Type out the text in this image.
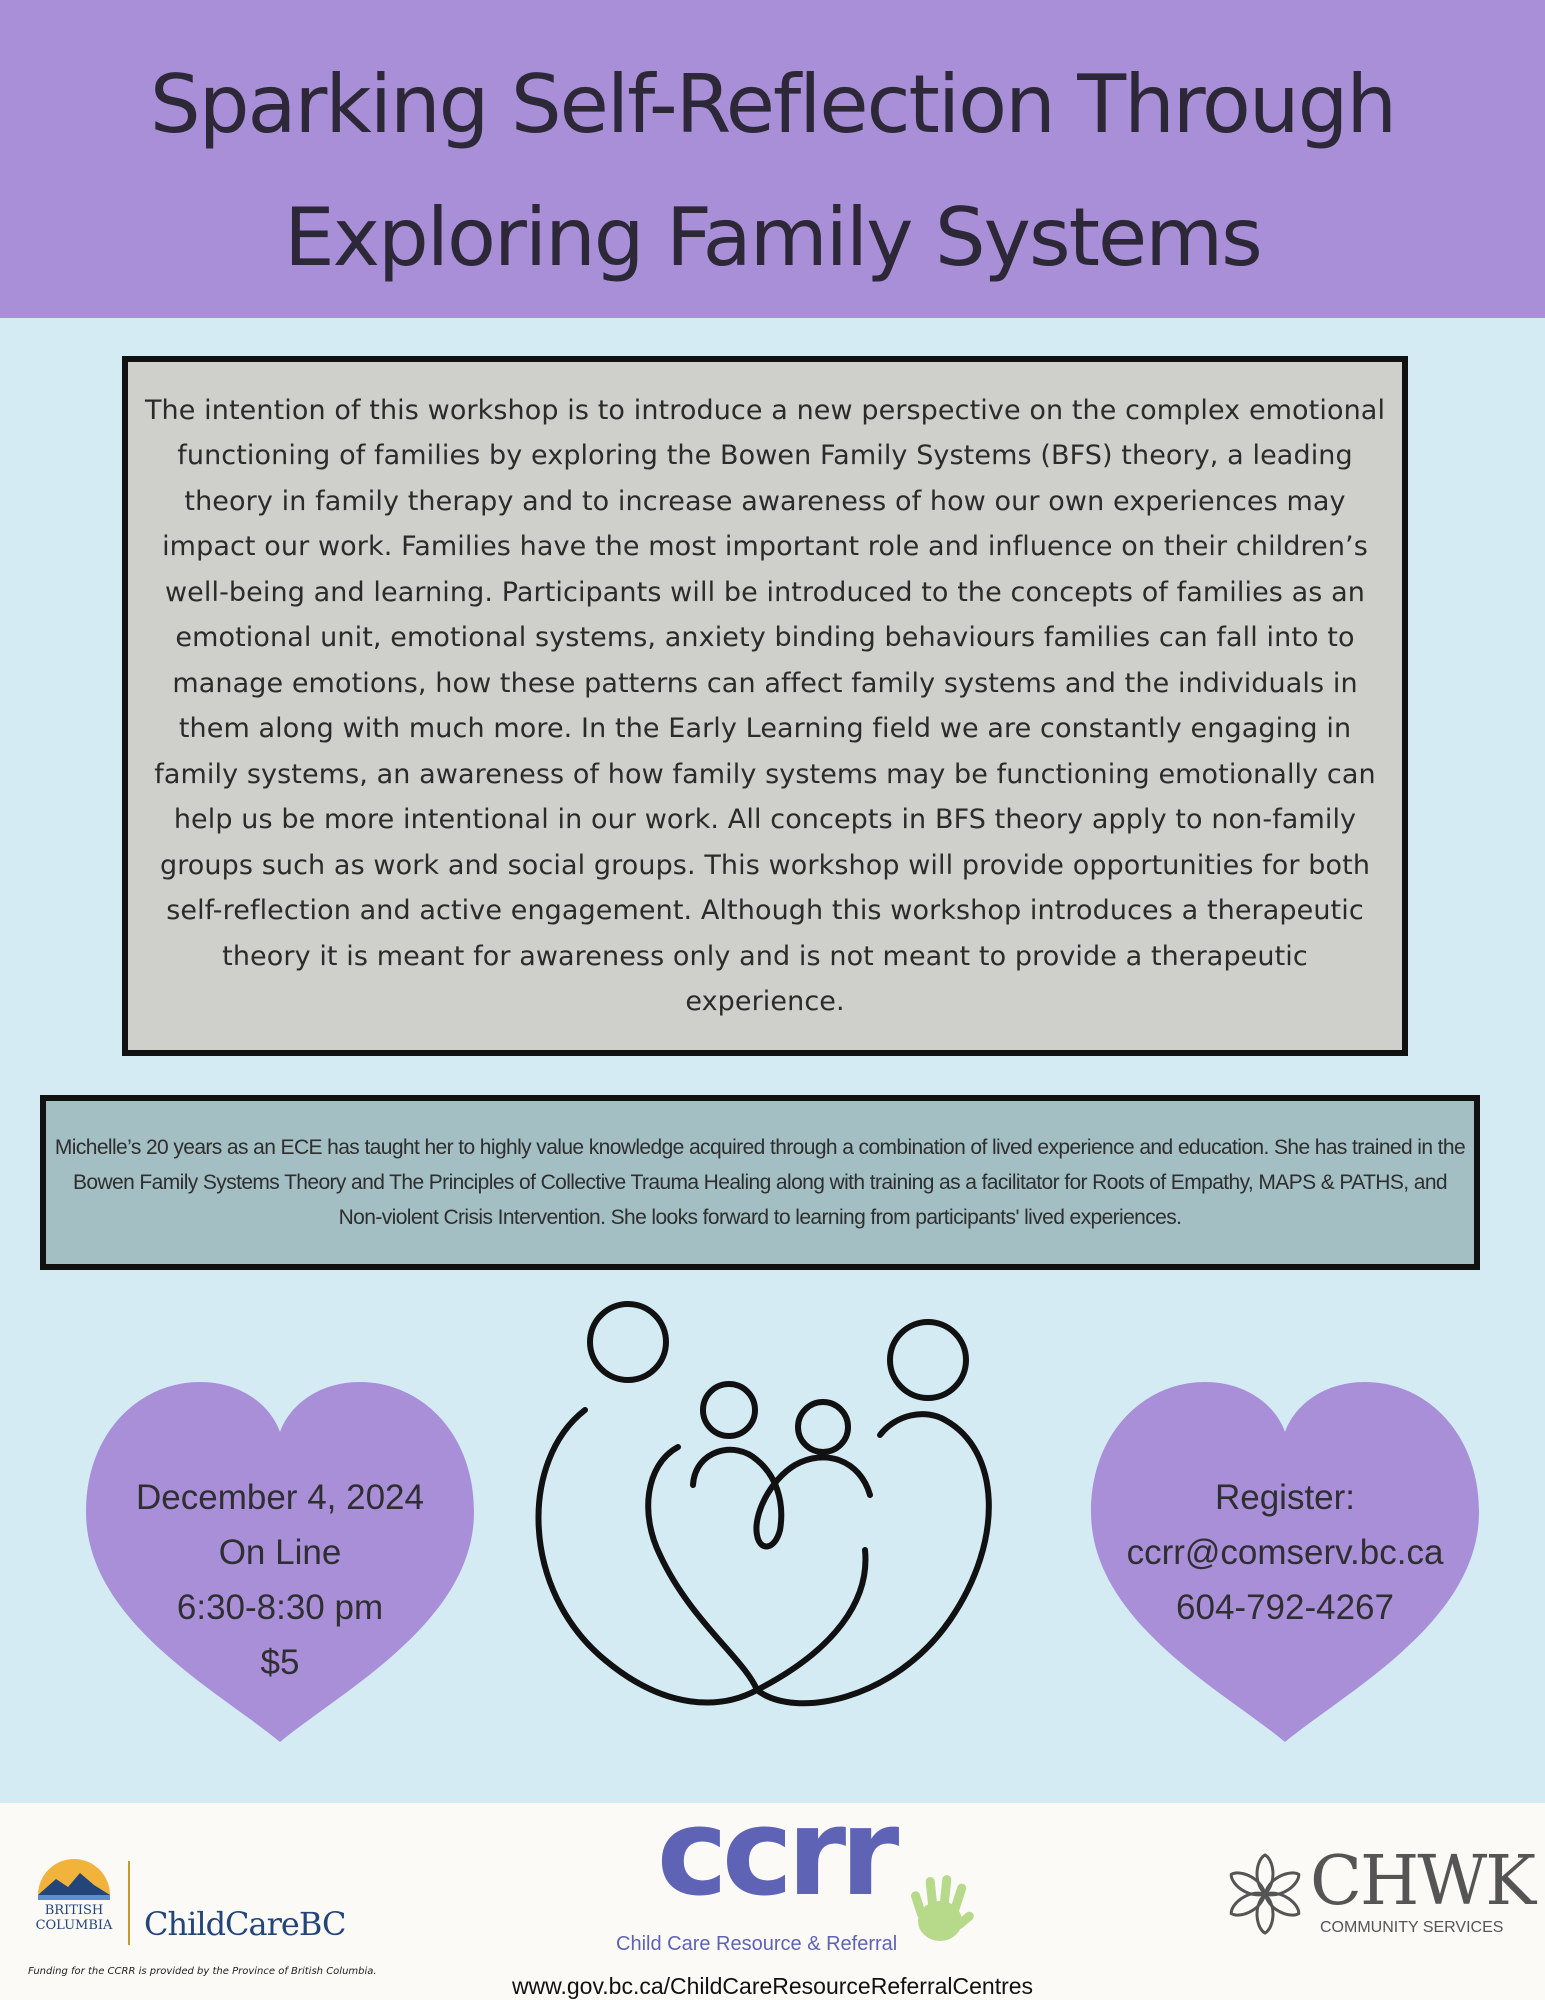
Sparking Self-Reflection Through
Exploring Family Systems

The intention of this workshop is to introduce a new perspective on the complex emotional functioning of families by exploring the Bowen Family Systems (BFS) theory, a leading theory in family therapy and to increase awareness of how our own experiences may impact our work. Families have the most important role and influence on their children’s well-being and learning. Participants will be introduced to the concepts of families as an emotional unit, emotional systems, anxiety binding behaviours families can fall into to manage emotions, how these patterns can affect family systems and the individuals in them along with much more. In the Early Learning field we are constantly engaging in family systems, an awareness of how family systems may be functioning emotionally can help us be more intentional in our work. All concepts in BFS theory apply to non-family groups such as work and social groups. This workshop will provide opportunities for both self-reflection and active engagement. Although this workshop introduces a therapeutic theory it is meant for awareness only and is not meant to provide a therapeutic experience.

Michelle’s 20 years as an ECE has taught her to highly value knowledge acquired through a combination of lived experience and education. She has trained in the Bowen Family Systems Theory and The Principles of Collective Trauma Healing along with training as a facilitator for Roots of Empathy, MAPS & PATHS, and Non-violent Crisis Intervention. She looks forward to learning from participants' lived experiences.

December 4, 2024
On Line
6:30-8:30 pm
$5
Register:
ccrr@comserv.bc.ca
604-792-4267
BRITISH
COLUMBIA ChildCareBC
Funding for the CCRR is provided by the Province of British Columbia.
ccrr
Child Care Resource & Referral
www.gov.bc.ca/ChildCareResourceReferralCentres
CHWK
COMMUNITY SERVICES
